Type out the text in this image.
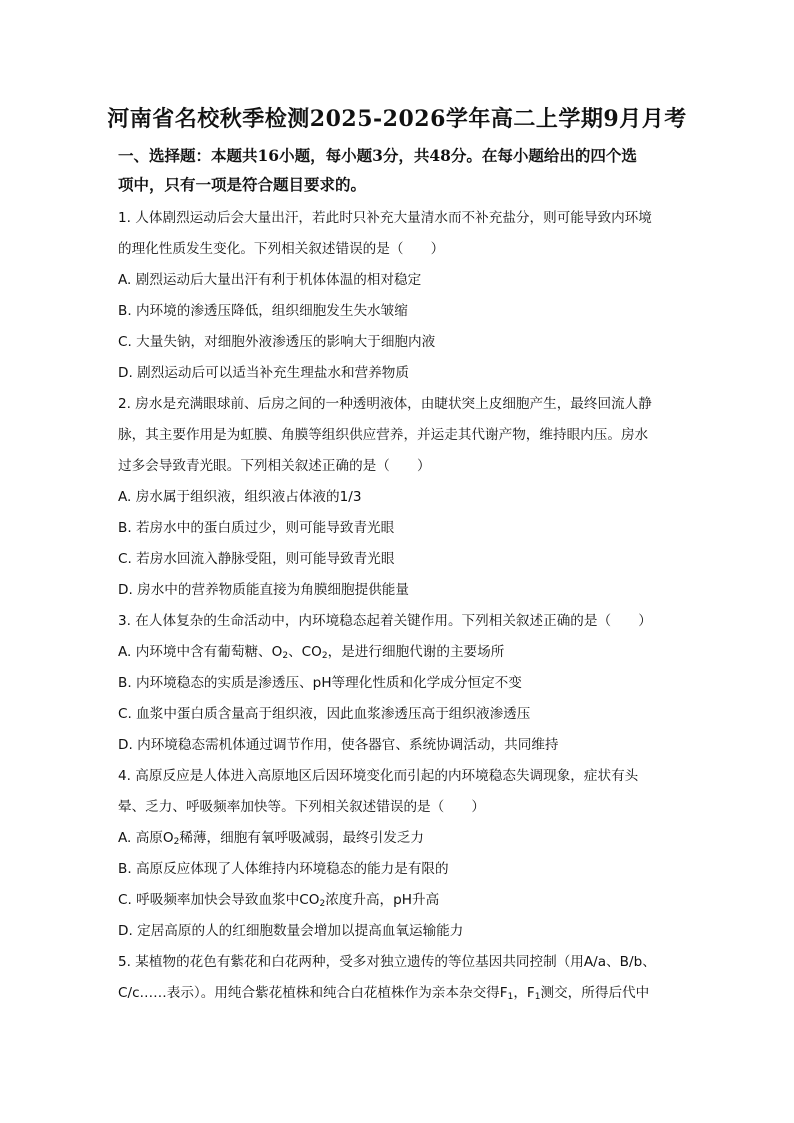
河南省名校秋季检测2025-2026学年高二上学期9月月考
一、选择题：本题共16小题，每小题3分，共48分。在每小题给出的四个选
项中，只有一项是符合题目要求的。
1. 人体剧烈运动后会大量出汗，若此时只补充大量清水而不补充盐分，则可能导致内环境
的理化性质发生变化。下列相关叙述错误的是（　　）
A. 剧烈运动后大量出汗有利于机体体温的相对稳定
B. 内环境的渗透压降低，组织细胞发生失水皱缩
C. 大量失钠，对细胞外液渗透压的影响大于细胞内液
D. 剧烈运动后可以适当补充生理盐水和营养物质
2. 房水是充满眼球前、后房之间的一种透明液体，由睫状突上皮细胞产生，最终回流人静
脉，其主要作用是为虹膜、角膜等组织供应营养，并运走其代谢产物，维持眼内压。房水
过多会导致青光眼。下列相关叙述正确的是（　　）
A. 房水属于组织液，组织液占体液的1/3
B. 若房水中的蛋白质过少，则可能导致青光眼
C. 若房水回流入静脉受阻，则可能导致青光眼
D. 房水中的营养物质能直接为角膜细胞提供能量
3. 在人体复杂的生命活动中，内环境稳态起着关键作用。下列相关叙述正确的是（　　）
A. 内环境中含有葡萄糖、$O_2$、$CO_2$，是进行细胞代谢的主要场所
B. 内环境稳态的实质是渗透压、pH等理化性质和化学成分恒定不变
C. 血浆中蛋白质含量高于组织液，因此血浆渗透压高于组织液渗透压
D. 内环境稳态需机体通过调节作用，使各器官、系统协调活动，共同维持
4. 高原反应是人体进入高原地区后因环境变化而引起的内环境稳态失调现象，症状有头
晕、乏力、呼吸频率加快等。下列相关叙述错误的是（　　）
A. 高原$O_2$稀薄，细胞有氧呼吸减弱，最终引发乏力
B. 高原反应体现了人体维持内环境稳态的能力是有限的
C. 呼吸频率加快会导致血浆中$CO_2$浓度升高，pH升高
D. 定居高原的人的红细胞数量会增加以提高血氧运输能力
5. 某植物的花色有紫花和白花两种，受多对独立遗传的等位基因共同控制（用A/a、B/b、
C/c……表示）。用纯合紫花植株和纯合白花植株作为亲本杂交得$F_1$，$F_1$测交，所得后代中
